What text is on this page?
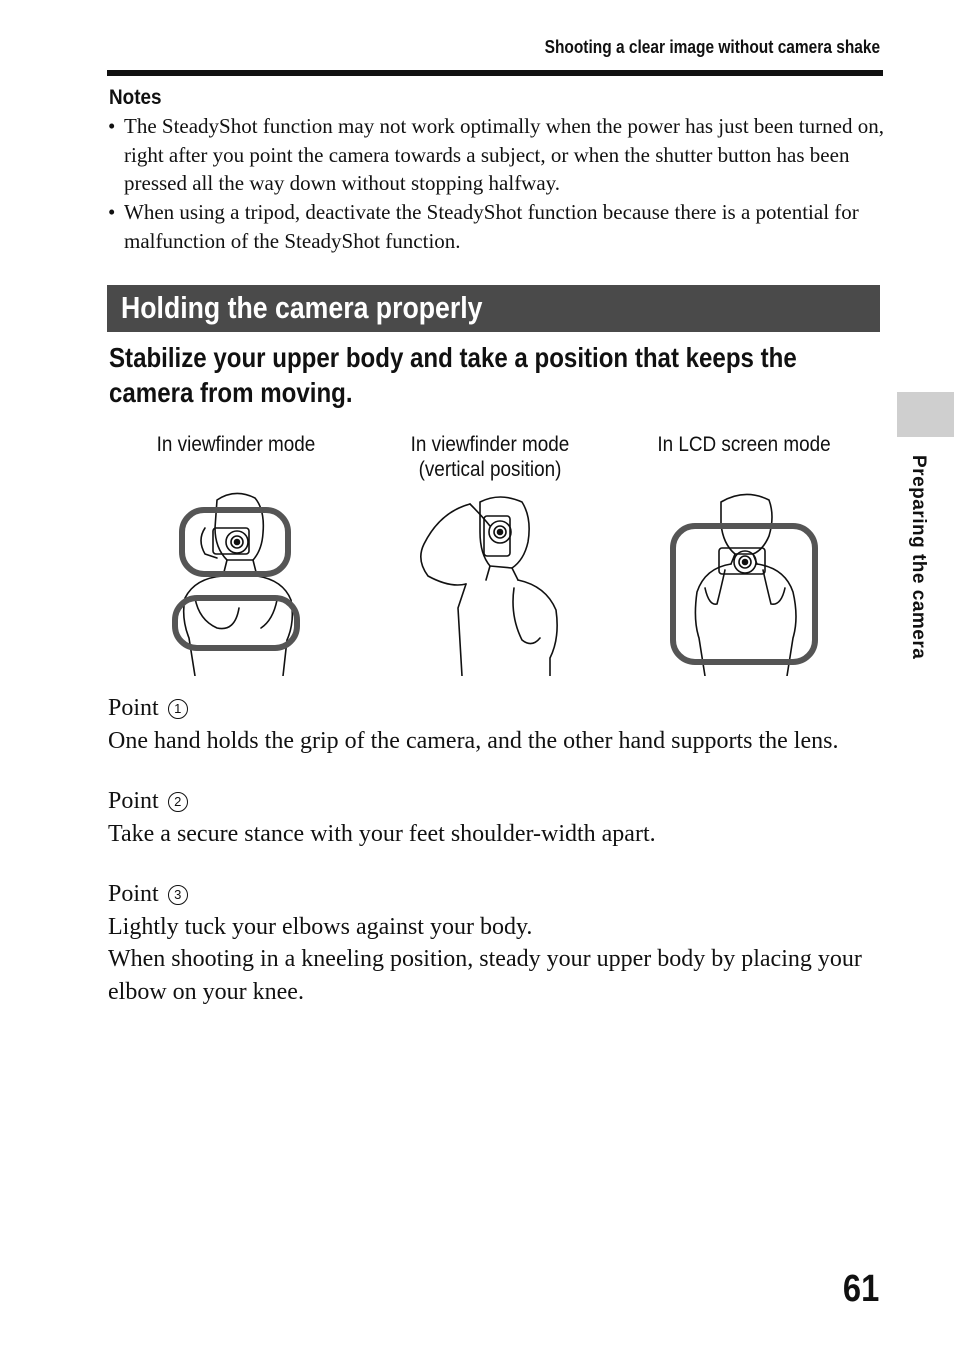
Shooting a clear image without camera shake
Notes
• The SteadyShot function may not work optimally when the power has just been turned on, right after you point the camera towards a subject, or when the shutter button has been pressed all the way down without stopping halfway.
• When using a tripod, deactivate the SteadyShot function because there is a potential for malfunction of the SteadyShot function.
Holding the camera properly
Stabilize your upper body and take a position that keeps the camera from moving.
In viewfinder mode	In viewfinder mode
(vertical position)
In LCD screen mode

Point 1

One hand holds the grip of the camera, and the other hand supports the lens.

Point 2

Take a secure stance with your feet shoulder-width apart.

Point 3

Lightly tuck your elbows against your body.

When shooting in a kneeling position, steady your upper body by placing your elbow on your knee.

Preparing the camera
61
